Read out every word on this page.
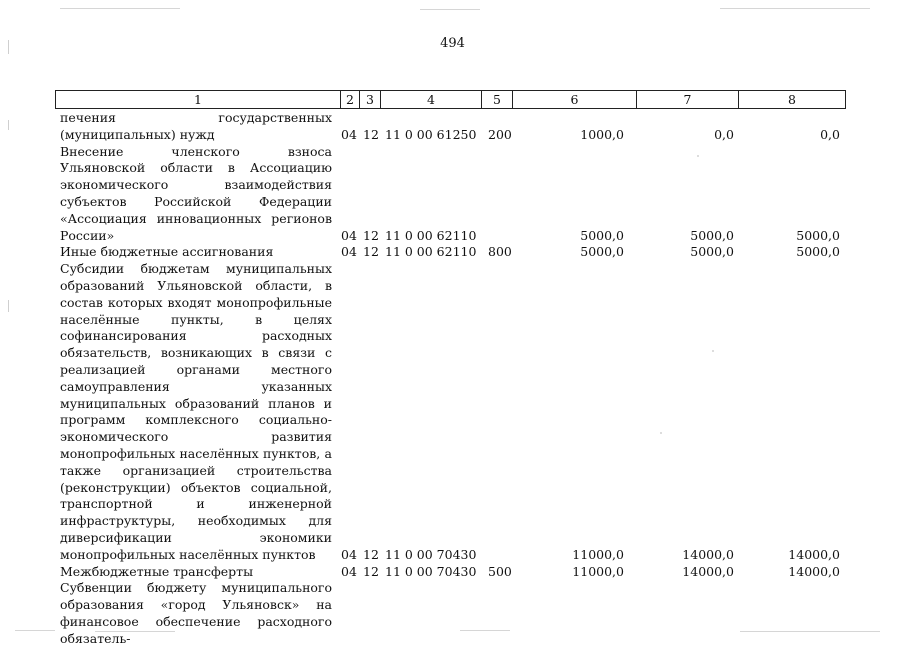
494
1	2	3	4	5	6	7	8
печения государственных (муниципальных) нужд	04 12 11 0 00 61250 200	1000,0	0,0	0,0
Внесение членского взноса Ульяновской области в Ассоциацию экономического взаимодействия субъектов Российской Федерации «Ассоциация инновационных регионов России»	04 12 11 0 00 62110	5000,0	5000,0	5000,0
Иные бюджетные ассигнования	04 12 11 0 00 62110 800	5000,0	5000,0	5000,0
Субсидии бюджетам муниципальных образований Ульяновской области, в состав которых входят монопрофильные населённые пункты, в целях софинансирования расходных обязательств, возникающих в связи с реализацией органами местного самоуправления указанных муниципальных образований планов и программ комплексного социально-экономического развития монопрофильных населённых пунктов, а также организацией строительства (реконструкции) объектов социальной, транспортной и инженерной инфраструктуры, необходимых для диверсификации экономики монопрофильных населённых пунктов	04 12 11 0 00 70430	11000,0	14000,0	14000,0
Межбюджетные трансферты	04 12 11 0 00 70430 500	11000,0	14000,0	14000,0
Субвенции бюджету муниципального образования «город Ульяновск» на финансовое обеспечение расходного обязатель-
